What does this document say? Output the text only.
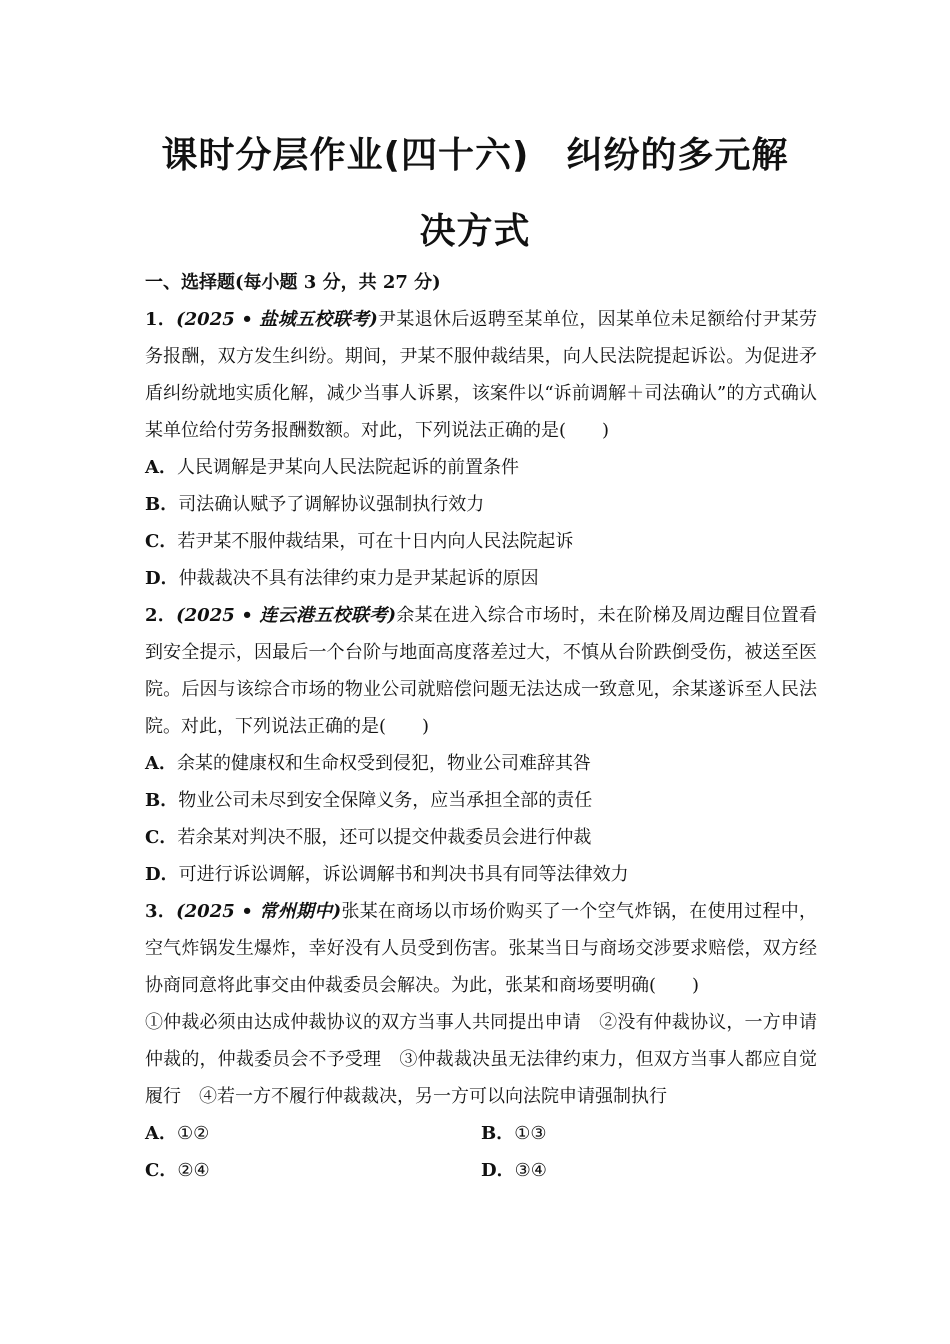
课时分层作业(四十六)　纠纷的多元解决方式

一、选择题(每小题 3 分，共 27 分)

1．(2025 • 盐城五校联考)尹某退休后返聘至某单位，因某单位未足额给付尹某劳务报酬，双方发生纠纷。期间，尹某不服仲裁结果，向人民法院提起诉讼。为促进矛盾纠纷就地实质化解，减少当事人诉累，该案件以“诉前调解＋司法确认”的方式确认某单位给付劳务报酬数额。对此，下列说法正确的是(　　)

A．人民调解是尹某向人民法院起诉的前置条件

B．司法确认赋予了调解协议强制执行效力

C．若尹某不服仲裁结果，可在十日内向人民法院起诉

D．仲裁裁决不具有法律约束力是尹某起诉的原因

2．(2025 • 连云港五校联考)余某在进入综合市场时，未在阶梯及周边醒目位置看到安全提示，因最后一个台阶与地面高度落差过大，不慎从台阶跌倒受伤，被送至医院。后因与该综合市场的物业公司就赔偿问题无法达成一致意见，余某遂诉至人民法院。对此，下列说法正确的是(　　)

A．余某的健康权和生命权受到侵犯，物业公司难辞其咎

B．物业公司未尽到安全保障义务，应当承担全部的责任

C．若余某对判决不服，还可以提交仲裁委员会进行仲裁

D．可进行诉讼调解，诉讼调解书和判决书具有同等法律效力

3．(2025 • 常州期中)张某在商场以市场价购买了一个空气炸锅，在使用过程中，空气炸锅发生爆炸，幸好没有人员受到伤害。张某当日与商场交涉要求赔偿，双方经协商同意将此事交由仲裁委员会解决。为此，张某和商场要明确(　　)

①仲裁必须由达成仲裁协议的双方当事人共同提出申请　②没有仲裁协议，一方申请仲裁的，仲裁委员会不予受理　③仲裁裁决虽无法律约束力，但双方当事人都应自觉履行　④若一方不履行仲裁裁决，另一方可以向法院申请强制执行

A．①②	B．①③

C．②④	D．③④
